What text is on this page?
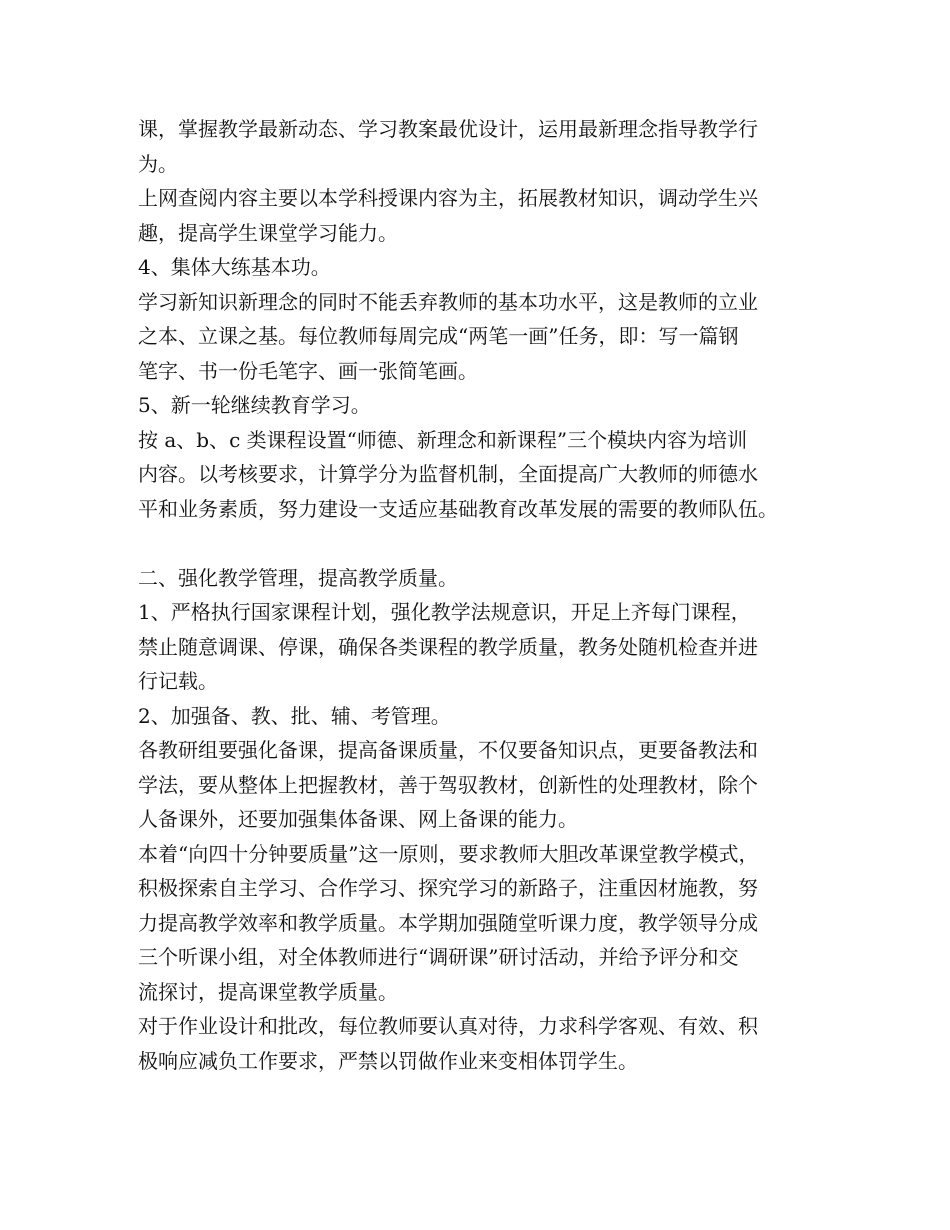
课，掌握教学最新动态、学习教案最优设计，运用最新理念指导教学行
为。
上网查阅内容主要以本学科授课内容为主，拓展教材知识，调动学生兴
趣，提高学生课堂学习能力。
4、集体大练基本功。
学习新知识新理念的同时不能丢弃教师的基本功水平，这是教师的立业
之本、立课之基。每位教师每周完成“两笔一画”任务，即：写一篇钢
笔字、书一份毛笔字、画一张简笔画。
5、新一轮继续教育学习。
按 a、b、c 类课程设置“师德、新理念和新课程”三个模块内容为培训
内容。以考核要求，计算学分为监督机制，全面提高广大教师的师德水
平和业务素质，努力建设一支适应基础教育改革发展的需要的教师队伍。
二、强化教学管理，提高教学质量。
1、严格执行国家课程计划，强化教学法规意识，开足上齐每门课程，
禁止随意调课、停课，确保各类课程的教学质量，教务处随机检查并进
行记载。
2、加强备、教、批、辅、考管理。
各教研组要强化备课，提高备课质量，不仅要备知识点，更要备教法和
学法，要从整体上把握教材，善于驾驭教材，创新性的处理教材，除个
人备课外，还要加强集体备课、网上备课的能力。
本着“向四十分钟要质量”这一原则，要求教师大胆改革课堂教学模式，
积极探索自主学习、合作学习、探究学习的新路子，注重因材施教，努
力提高教学效率和教学质量。本学期加强随堂听课力度，教学领导分成
三个听课小组，对全体教师进行“调研课”研讨活动，并给予评分和交
流探讨，提高课堂教学质量。
对于作业设计和批改，每位教师要认真对待，力求科学客观、有效、积
极响应减负工作要求，严禁以罚做作业来变相体罚学生。
